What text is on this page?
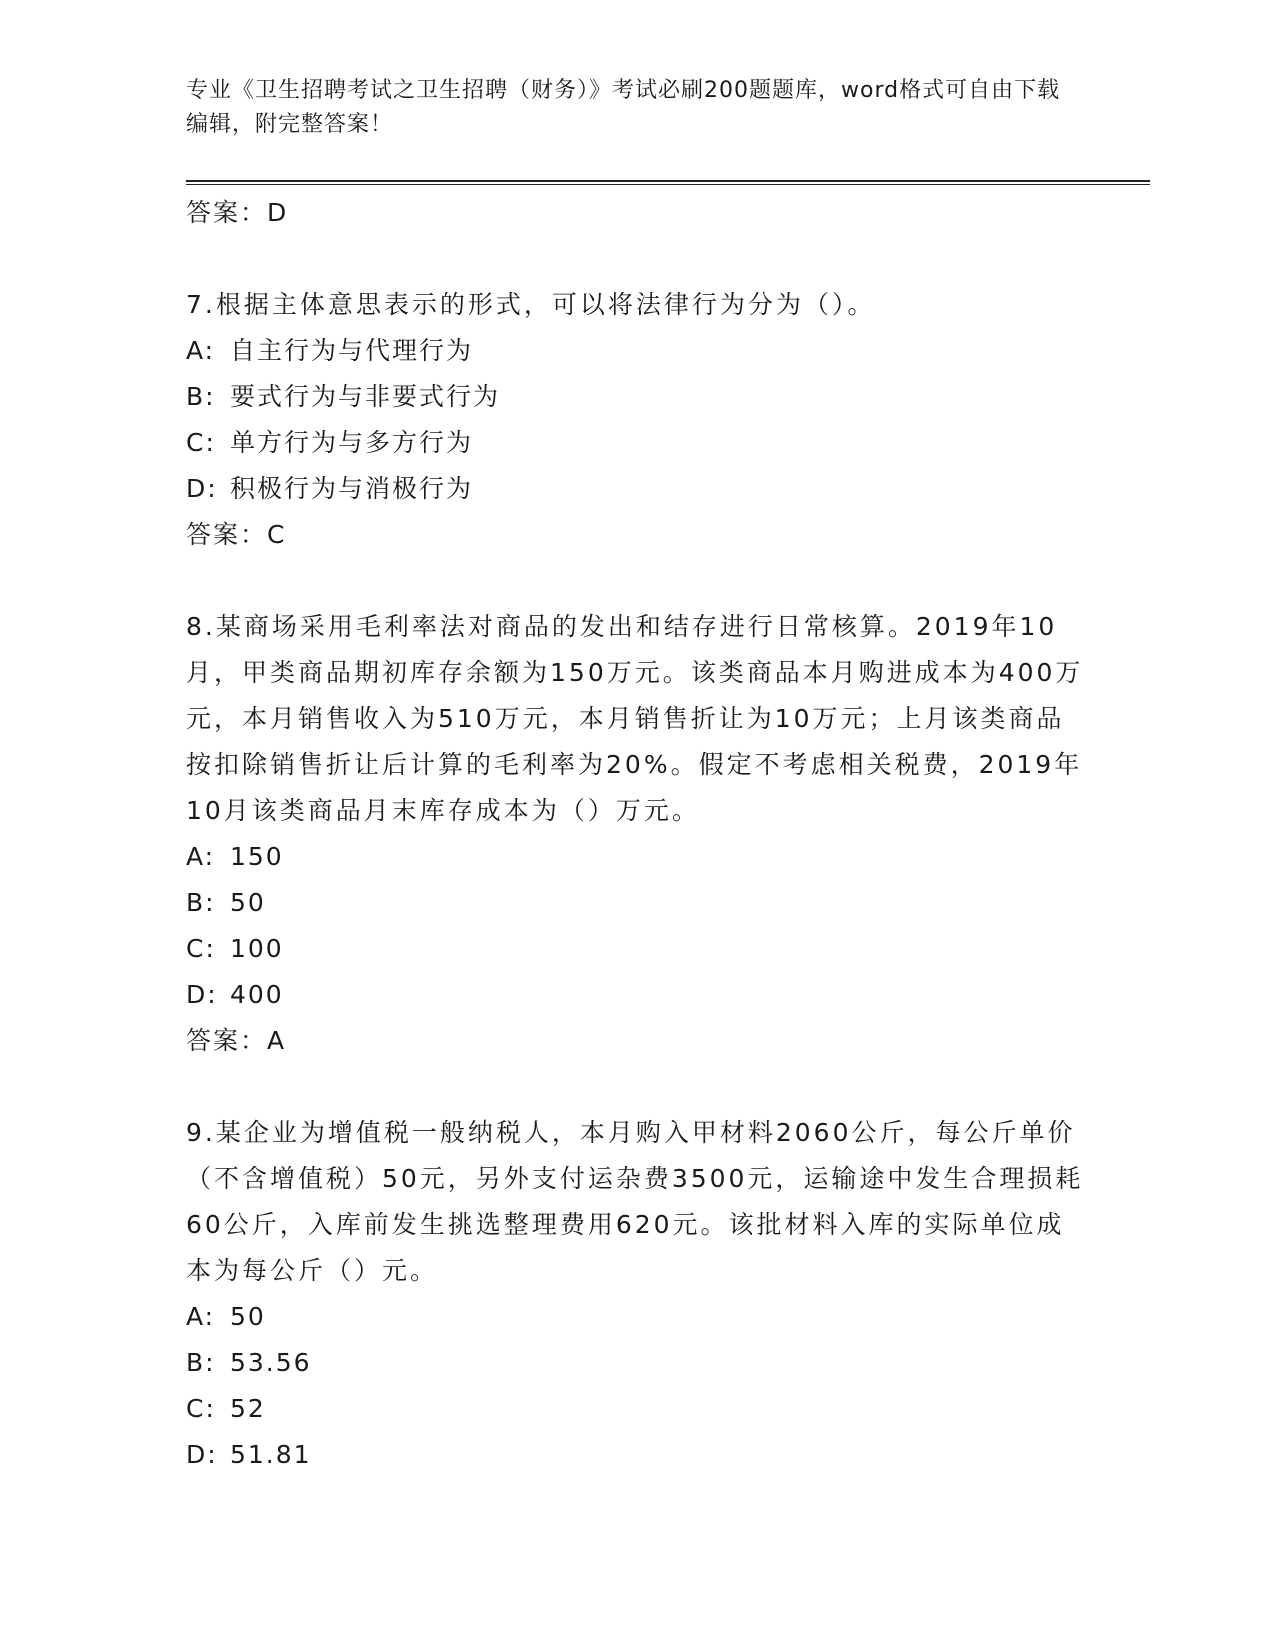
专业《卫生招聘考试之卫生招聘（财务）》考试必刷200题题库，word格式可自由下载编辑，附完整答案！
答案：D
7.根据主体意思表示的形式，可以将法律行为分为（）。
A: 自主行为与代理行为
B: 要式行为与非要式行为
C: 单方行为与多方行为
D: 积极行为与消极行为
答案：C
8.某商场采用毛利率法对商品的发出和结存进行日常核算。2019年10月，甲类商品期初库存余额为150万元。该类商品本月购进成本为400万元，本月销售收入为510万元，本月销售折让为10万元；上月该类商品按扣除销售折让后计算的毛利率为20%。假定不考虑相关税费，2019年10月该类商品月末库存成本为（）万元。
A: 150
B: 50
C: 100
D: 400
答案：A
9.某企业为增值税一般纳税人，本月购入甲材料2060公斤，每公斤单价（不含增值税）50元，另外支付运杂费3500元，运输途中发生合理损耗60公斤，入库前发生挑选整理费用620元。该批材料入库的实际单位成本为每公斤（）元。
A: 50
B: 53.56
C: 52
D: 51.81
